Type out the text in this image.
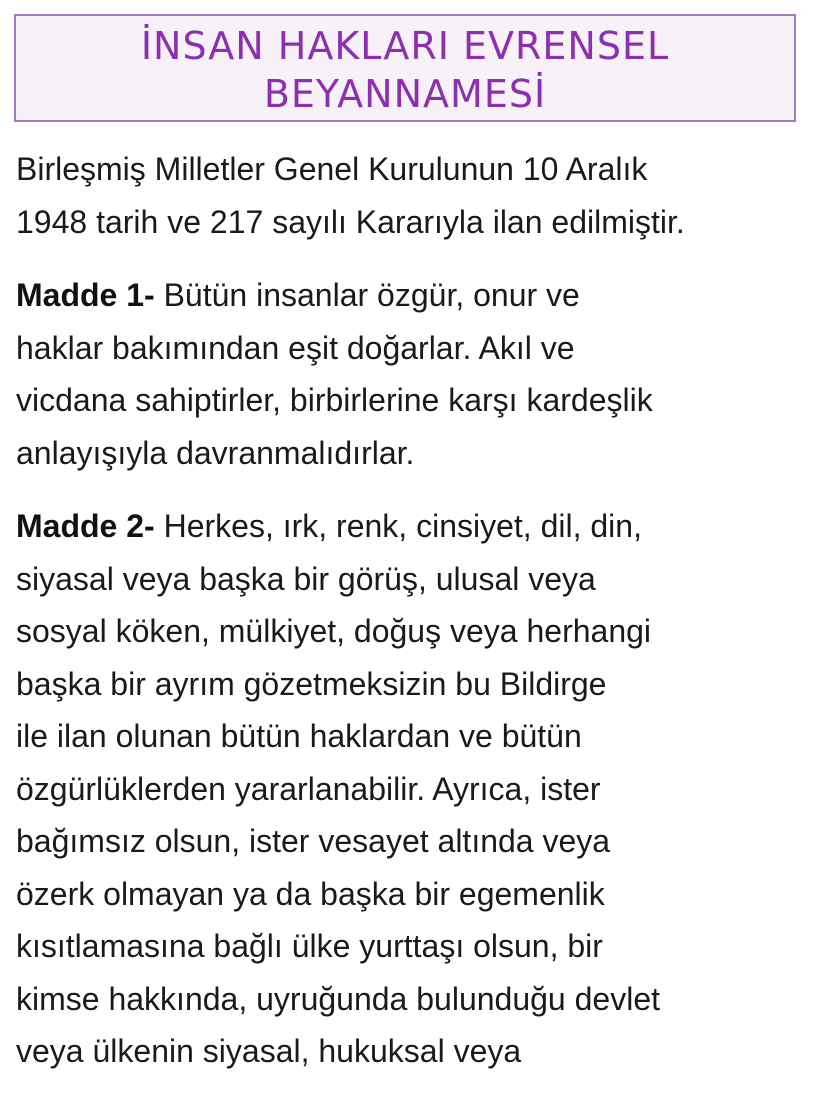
İNSAN HAKLARI EVRENSEL
BEYANNAMESİ
Birleşmiş Milletler Genel Kurulunun 10 Aralık
1948 tarih ve 217 sayılı Kararıyla ilan edilmiştir.
Madde 1- Bütün insanlar özgür, onur ve
haklar bakımından eşit doğarlar. Akıl ve
vicdana sahiptirler, birbirlerine karşı kardeşlik
anlayışıyla davranmalıdırlar.
Madde 2- Herkes, ırk, renk, cinsiyet, dil, din,
siyasal veya başka bir görüş, ulusal veya
sosyal köken, mülkiyet, doğuş veya herhangi
başka bir ayrım gözetmeksizin bu Bildirge
ile ilan olunan bütün haklardan ve bütün
özgürlüklerden yararlanabilir. Ayrıca, ister
bağımsız olsun, ister vesayet altında veya
özerk olmayan ya da başka bir egemenlik
kısıtlamasına bağlı ülke yurttaşı olsun, bir
kimse hakkında, uyruğunda bulunduğu devlet
veya ülkenin siyasal, hukuksal veya
